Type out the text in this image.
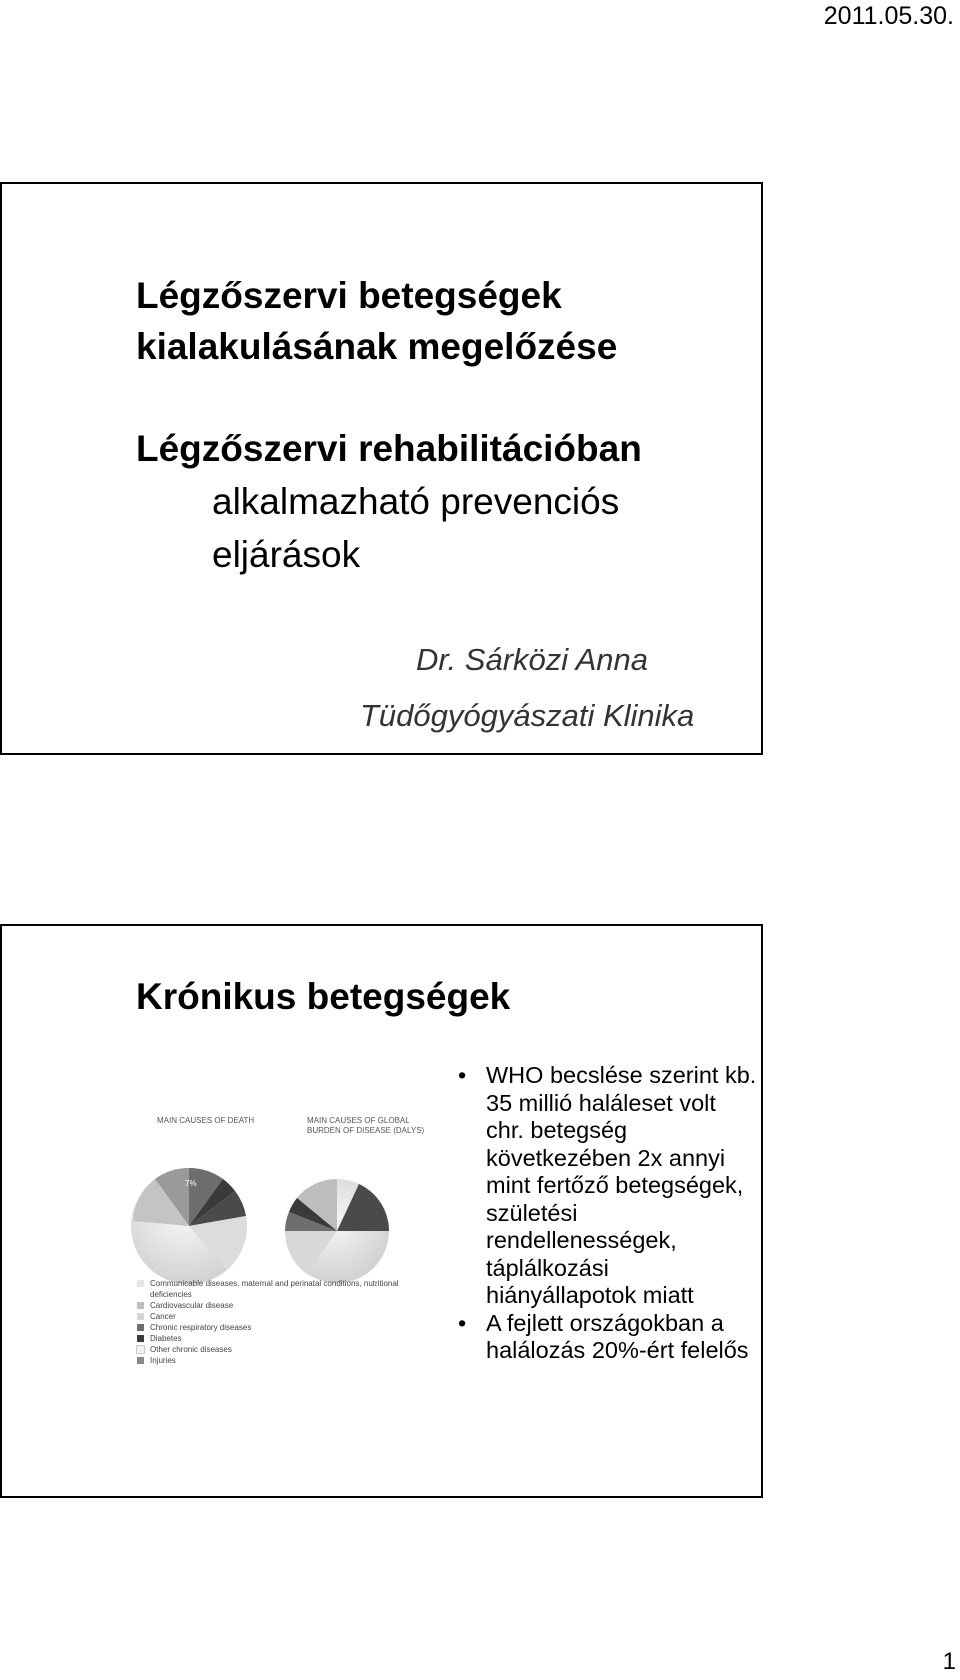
2011.05.30.
Légzőszervi betegségek
kialakulásának megelőzése
Légzőszervi rehabilitációban
alkalmazható prevenciós
eljárások
Dr. Sárközi Anna
Tüdőgyógyászati Klinika
Krónikus betegségek
MAIN CAUSES OF DEATH	MAIN CAUSES OF GLOBAL
BURDEN OF DISEASE (DALYS)
7%
4%
Communicable diseases, maternal and perinatal conditions, nutritional deficiencies
Cardiovascular disease
Cancer
Chronic respiratory diseases
Diabetes
Other chronic diseases
Injuries
• WHO becslése szerint kb. 35 millió haláleset volt chr. betegség következében 2x annyi mint fertőző betegségek, születési rendellenességek, táplálkozási hiányállapotok miatt
• A fejlett országokban a halálozás 20%-ért felelős
1
